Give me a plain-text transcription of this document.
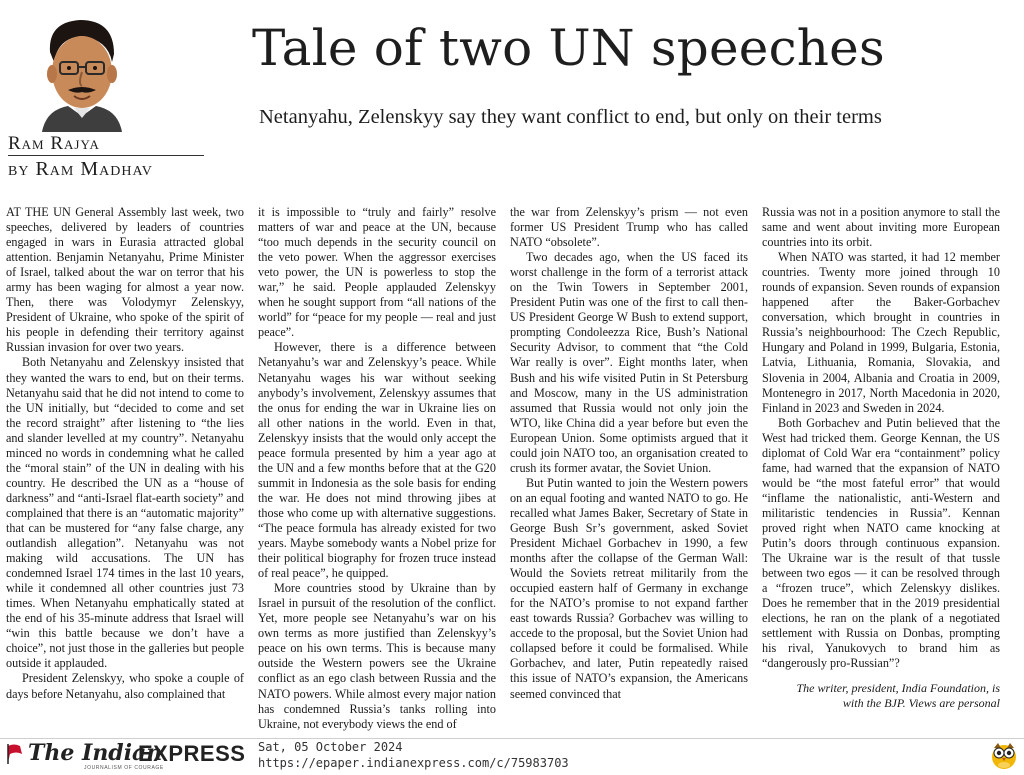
Tale of two UN speeches
Netanyahu, Zelenskyy say they want conflict to end, but only on their terms
Ram Rajya
by Ram Madhav

AT THE UN General Assembly last week, two speeches, delivered by leaders of countries engaged in wars in Eurasia attracted global attention. Benjamin Netanyahu, Prime Minister of Israel, talked about the war on terror that his army has been waging for almost a year now. Then, there was Volodymyr Zelenskyy, President of Ukraine, who spoke of the spirit of his people in defending their territory against Russian invasion for over two years.

Both Netanyahu and Zelenskyy insisted that they wanted the wars to end, but on their terms. Netanyahu said that he did not intend to come to the UN initially, but “decided to come and set the record straight” after listening to “the lies and slander levelled at my country”. Netanyahu minced no words in condemning what he called the “moral stain” of the UN in dealing with his country. He described the UN as a “house of darkness” and “anti-Israel flat-earth society” and complained that there is an “automatic majority” that can be mustered for “any false charge, any outlandish allegation”. Netanyahu was not making wild accusations. The UN has condemned Israel 174 times in the last 10 years, while it condemned all other countries just 73 times. When Netanyahu emphatically stated at the end of his 35-minute address that Israel will “win this battle because we don’t have a choice”, not just those in the galleries but people outside it applauded.

President Zelenskyy, who spoke a couple of days before Netanyahu, also complained that

it is impossible to “truly and fairly” resolve matters of war and peace at the UN, because “too much depends in the security council on the veto power. When the aggressor exercises veto power, the UN is powerless to stop the war,” he said. People applauded Zelenskyy when he sought support from “all nations of the world” for “peace for my people — real and just peace”.

However, there is a difference between Netanyahu’s war and Zelenskyy’s peace. While Netanyahu wages his war without seeking anybody’s involvement, Zelenskyy assumes that the onus for ending the war in Ukraine lies on all other nations in the world. Even in that, Zelenskyy insists that the would only accept the peace formula presented by him a year ago at the UN and a few months before that at the G20 summit in Indonesia as the sole basis for ending the war. He does not mind throwing jibes at those who come up with alternative suggestions. “The peace formula has already existed for two years. Maybe somebody wants a Nobel prize for their political biography for frozen truce instead of real peace”, he quipped.

More countries stood by Ukraine than by Israel in pursuit of the resolution of the conflict. Yet, more people see Netanyahu’s war on his own terms as more justified than Zelenskyy’s peace on his own terms. This is because many outside the Western powers see the Ukraine conflict as an ego clash between Russia and the NATO powers. While almost every major nation has condemned Russia’s tanks rolling into Ukraine, not everybody views the end of

the war from Zelenskyy’s prism — not even former US President Trump who has called NATO “obsolete”.

Two decades ago, when the US faced its worst challenge in the form of a terrorist attack on the Twin Towers in September 2001, President Putin was one of the first to call then-US President George W Bush to extend support, prompting Condoleezza Rice, Bush’s National Security Advisor, to comment that “the Cold War really is over”. Eight months later, when Bush and his wife visited Putin in St Petersburg and Moscow, many in the US administration assumed that Russia would not only join the WTO, like China did a year before but even the European Union. Some optimists argued that it could join NATO too, an organisation created to crush its former avatar, the Soviet Union.

But Putin wanted to join the Western powers on an equal footing and wanted NATO to go. He recalled what James Baker, Secretary of State in George Bush Sr’s government, asked Soviet President Michael Gorbachev in 1990, a few months after the collapse of the German Wall: Would the Soviets retreat militarily from the occupied eastern half of Germany in exchange for the NATO’s promise to not expand farther east towards Russia? Gorbachev was willing to accede to the proposal, but the Soviet Union had collapsed before it could be formalised. While Gorbachev, and later, Putin repeatedly raised this issue of NATO’s expansion, the Americans seemed convinced that

Russia was not in a position anymore to stall the same and went about inviting more European countries into its orbit.

When NATO was started, it had 12 member countries. Twenty more joined through 10 rounds of expansion. Seven rounds of expansion happened after the Baker-Gorbachev conversation, which brought in countries in Russia’s neighbourhood: The Czech Republic, Hungary and Poland in 1999, Bulgaria, Estonia, Latvia, Lithuania, Romania, Slovakia, and Slovenia in 2004, Albania and Croatia in 2009, Montenegro in 2017, North Macedonia in 2020, Finland in 2023 and Sweden in 2024.

Both Gorbachev and Putin believed that the West had tricked them. George Kennan, the US diplomat of Cold War era “containment” policy fame, had warned that the expansion of NATO would be “the most fateful error” that would “inflame the nationalistic, anti-Western and militaristic tendencies in Russia”. Kennan proved right when NATO came knocking at Putin’s doors through continuous expansion. The Ukraine war is the result of that tussle between two egos — it can be resolved through a “frozen truce”, which Zelenskyy dislikes. Does he remember that in the 2019 presidential elections, he ran on the plank of a negotiated settlement with Russia on Donbas, prompting his rival, Yanukovych to brand him as “dangerously pro-Russian”?

The writer, president, India Foundation, is with the BJP. Views are personal

The Indian
EXPRESS
JOURNALISM OF COURAGE
Sat, 05 October 2024
https://epaper.indianexpress.com/c/75983703
